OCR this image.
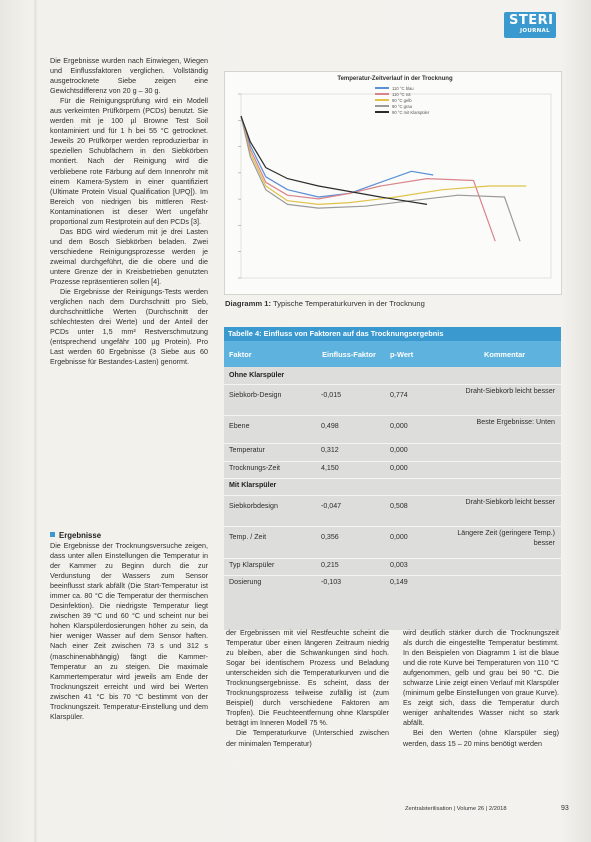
STERI
JOURNAL

Die Ergebnisse wurden nach Einwiegen, Wiegen und Einflussfaktoren verglichen. Vollständig ausgetrocknete Siebe zeigen eine Gewichtsdifferenz von 20 g – 30 g.

Für die Reinigungsprüfung wird ein Modell aus verkeimten Prüfkörpern (PCDs) benutzt. Sie werden mit je 100 µl Browne Test Soil kontaminiert und für 1 h bei 55 °C getrocknet. Jeweils 20 Prüfkörper werden reproduzierbar in speziellen Schubfächern in den Siebkörben montiert. Nach der Reinigung wird die verbliebene rote Färbung auf dem Innenrohr mit einem Kamera-System in einer quantifiziert (Ultimate Protein Visual Qualification [UPQ]). Im Bereich von niedrigen bis mittleren Rest-Kontaminationen ist dieser Wert ungefähr proportional zum Restprotein auf den PCDs [3].

Das BDG wird wiederum mit je drei Lasten und dem Bosch Siebkörben beladen. Zwei verschiedene Reinigungsprozesse werden je zweimal durchgeführt, die die obere und die untere Grenze der in Kreisbetrieben genutzten Prozesse repräsentieren sollen [4].

Die Ergebnisse der Reinigungs-Tests werden verglichen nach dem Durchschnitt pro Sieb, durchschnittliche Werten (Durchschnitt der schlechtesten drei Werte) und der Anteil der PCDs unter 1,5 mm² Restverschmutzung (entsprechend ungefähr 100 µg Protein). Pro Last werden 60 Ergebnisse (3 Siebe aus 60 Ergebnisse für Bestandes-Lasten) genormt.

Ergebnisse

Die Ergebnisse der Trocknungsversuche zeigen, dass unter allen Einstellungen die Temperatur in der Kammer zu Beginn durch die zur Verdunstung der Wassers zum Sensor beeinflusst stark abfällt (Die Start-Temperatur ist immer ca. 80 °C die Temperatur der thermischen Desinfektion). Die niedrigste Temperatur liegt zwischen 39 °C und 60 °C und scheint nur bei hohen Klarspülerdosierungen höher zu sein, da hier weniger Wasser auf dem Sensor haften. Nach einer Zeit zwischen 73 s und 312 s (maschinenabhängig) fängt die Kammer-Temperatur an zu steigen. Die maximale Kammertemperatur wird jeweils am Ende der Trocknungszeit erreicht und wird bei Werten zwischen 41 °C bis 70 °C bestimmt von der Trocknungszeit. Temperatur-Einstellung und dem Klarspüler.

Temperatur-Zeitverlauf in der Trocknung
110 °C blau
110 °C rot
90 °C gelb
90 °C grau
90 °C mit Klarspüler
Diagramm 1: Typische Temperaturkurven in der Trocknung
Tabelle 4: Einfluss von Faktoren auf das Trocknungsergebnis
Faktor	Einfluss-Faktor p-Wert	Kommentar
Ohne Klarspüler
Siebkorb-Design	-0,015	0,774	Draht-Siebkorb leicht besser
Ebene	0,498	0,000	Beste Ergebnisse: Unten
Temperatur	0,312	0,000
Trocknungs-Zeit	4,150	0,000
Mit Klarspüler
Siebkorbdesign	-0,047	0,508	Draht-Siebkorb leicht besser
Temp. / Zeit	0,356	0,000	Längere Zeit (geringere Temp.) besser
Typ Klarspüler	0,215	0,003
Dosierung	-0,103	0,149

der Ergebnissen mit viel Restfeuchte scheint die Temperatur über einen längeren Zeitraum niedrig zu bleiben, aber die Schwankungen sind hoch. Sogar bei identischem Prozess und Beladung unterscheiden sich die Temperaturkurven und die Trocknungsergebnisse. Es scheint, dass der Trocknungsprozess teilweise zufällig ist (zum Beispiel) durch verschiedene Faktoren am Tropfen). Die Feuchteentfernung ohne Klarspüler beträgt im Inneren Modell 75 %.

Die Temperaturkurve (Unterschied zwischen der minimalen Temperatur)

wird deutlich stärker durch die Trocknungszeit als durch die eingestellte Temperatur bestimmt. In den Beispielen von Diagramm 1 ist die blaue und die rote Kurve bei Temperaturen von 110 °C aufgenommen, gelb und grau bei 90 °C. Die schwarze Linie zeigt einen Verlauf mit Klarspüler (minimum gelbe Einstellungen von graue Kurve). Es zeigt sich, dass die Temperatur durch weniger anhaltendes Wasser nicht so stark abfällt.

Bei den Werten (ohne Klarspüler sieg) werden, dass 15 – 20 mins benötigt werden

Zentralsterilisation | Volume 26 | 2/2018	93
